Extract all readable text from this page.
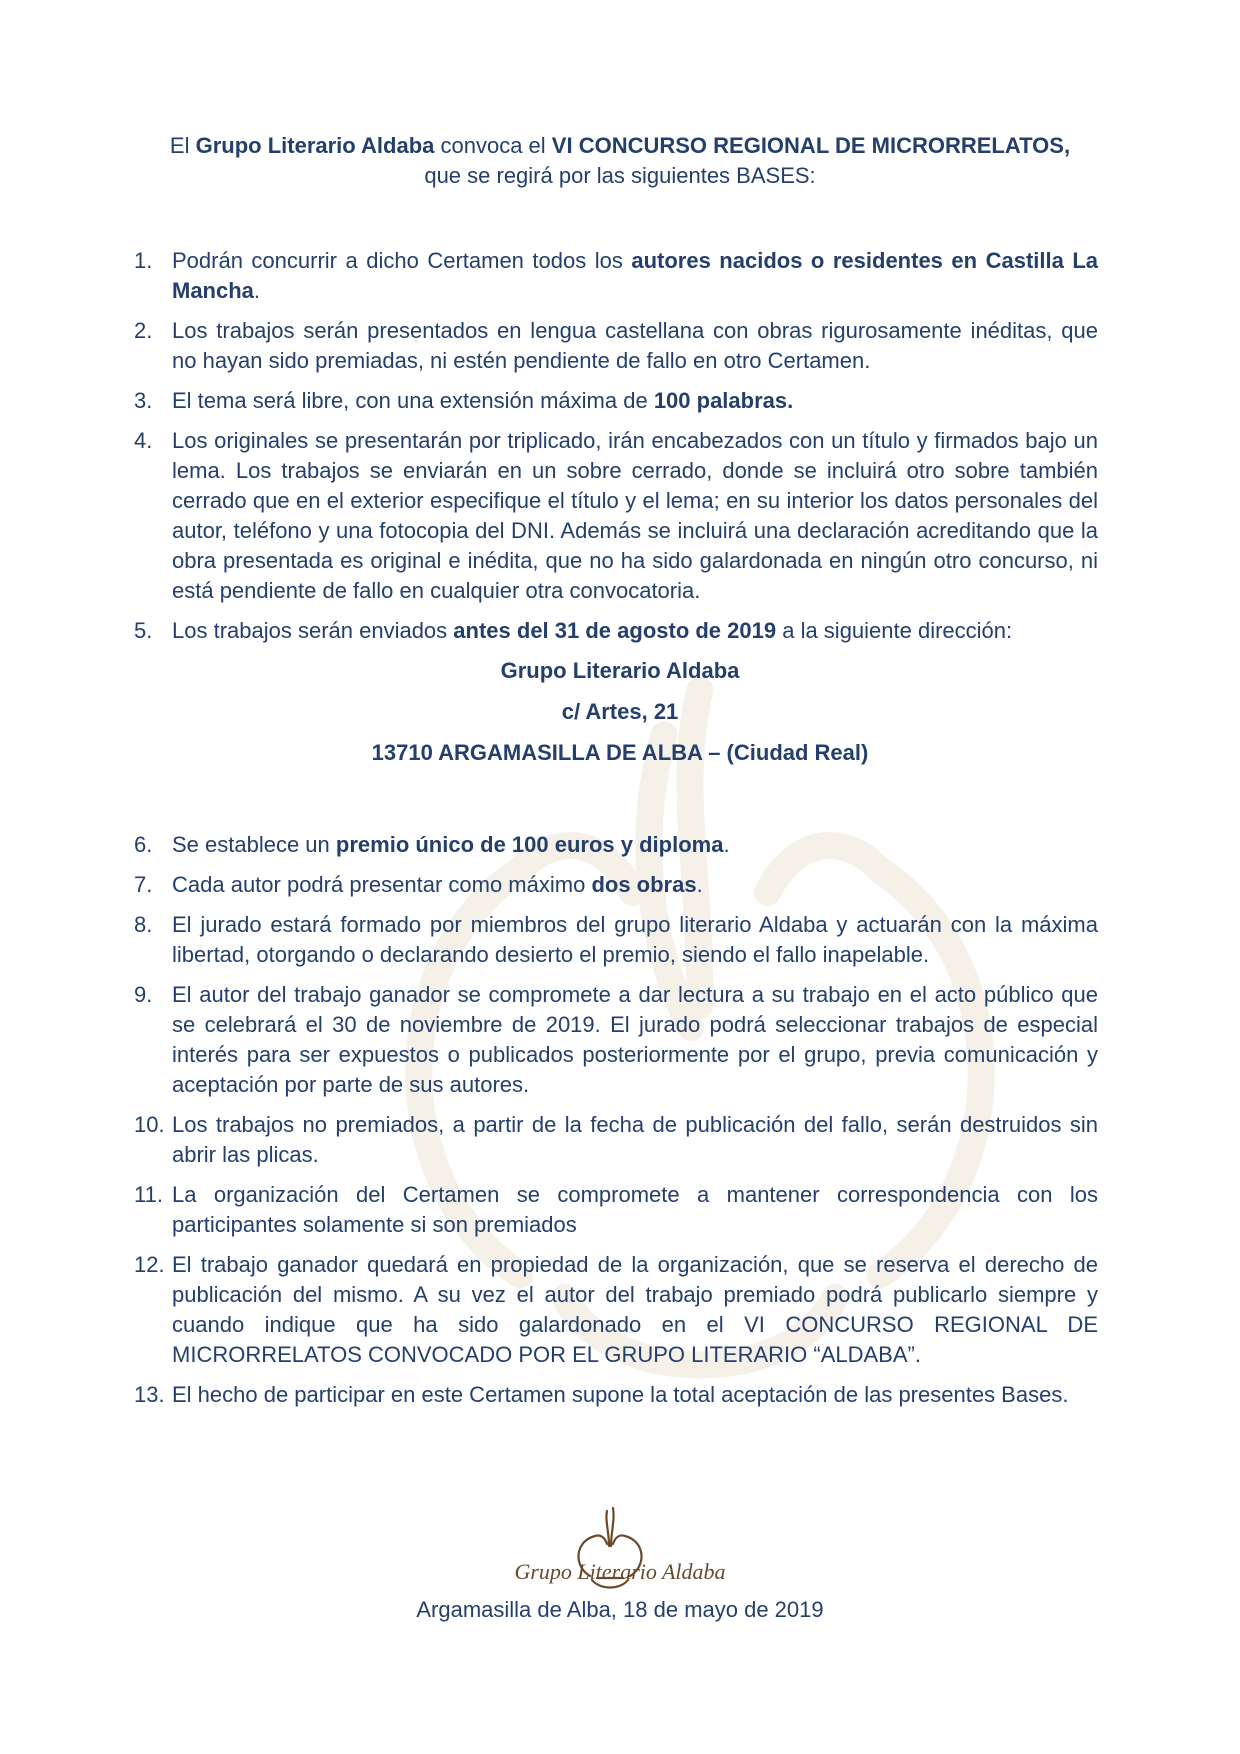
El Grupo Literario Aldaba convoca el VI CONCURSO REGIONAL DE MICRORRELATOS,
que se regirá por las siguientes BASES:
1. Podrán concurrir a dicho Certamen todos los autores nacidos o residentes en Castilla La Mancha.
2. Los trabajos serán presentados en lengua castellana con obras rigurosamente inéditas, que no hayan sido premiadas, ni estén pendiente de fallo en otro Certamen.
3. El tema será libre, con una extensión máxima de 100 palabras.
4. Los originales se presentarán por triplicado, irán encabezados con un título y firmados bajo un lema. Los trabajos se enviarán en un sobre cerrado, donde se incluirá otro sobre también cerrado que en el exterior especifique el título y el lema; en su interior los datos personales del autor, teléfono y una fotocopia del DNI. Además se incluirá una declaración acreditando que la obra presentada es original e inédita, que no ha sido galardonada en ningún otro concurso, ni está pendiente de fallo en cualquier otra convocatoria.
5. Los trabajos serán enviados antes del 31 de agosto de 2019 a la siguiente dirección:
Grupo Literario Aldaba
c/ Artes, 21
13710 ARGAMASILLA DE ALBA – (Ciudad Real)
6. Se establece un premio único de 100 euros y diploma.
7. Cada autor podrá presentar como máximo dos obras.
8. El jurado estará formado por miembros del grupo literario Aldaba y actuarán con la máxima libertad, otorgando o declarando desierto el premio, siendo el fallo inapelable.
9. El autor del trabajo ganador se compromete a dar lectura a su trabajo en el acto público que se celebrará el 30 de noviembre de 2019. El jurado podrá seleccionar trabajos de especial interés para ser expuestos o publicados posteriormente por el grupo, previa comunicación y aceptación por parte de sus autores.
10. Los trabajos no premiados, a partir de la fecha de publicación del fallo, serán destruidos sin abrir las plicas.
11. La organización del Certamen se compromete a mantener correspondencia con los participantes solamente si son premiados
12. El trabajo ganador quedará en propiedad de la organización, que se reserva el derecho de publicación del mismo. A su vez el autor del trabajo premiado podrá publicarlo siempre y cuando indique que ha sido galardonado en el VI CONCURSO REGIONAL DE MICRORRELATOS CONVOCADO POR EL GRUPO LITERARIO “ALDABA”.
13. El hecho de participar en este Certamen supone la total aceptación de las presentes Bases.
Grupo Literario Aldaba
Argamasilla de Alba, 18 de mayo de 2019
